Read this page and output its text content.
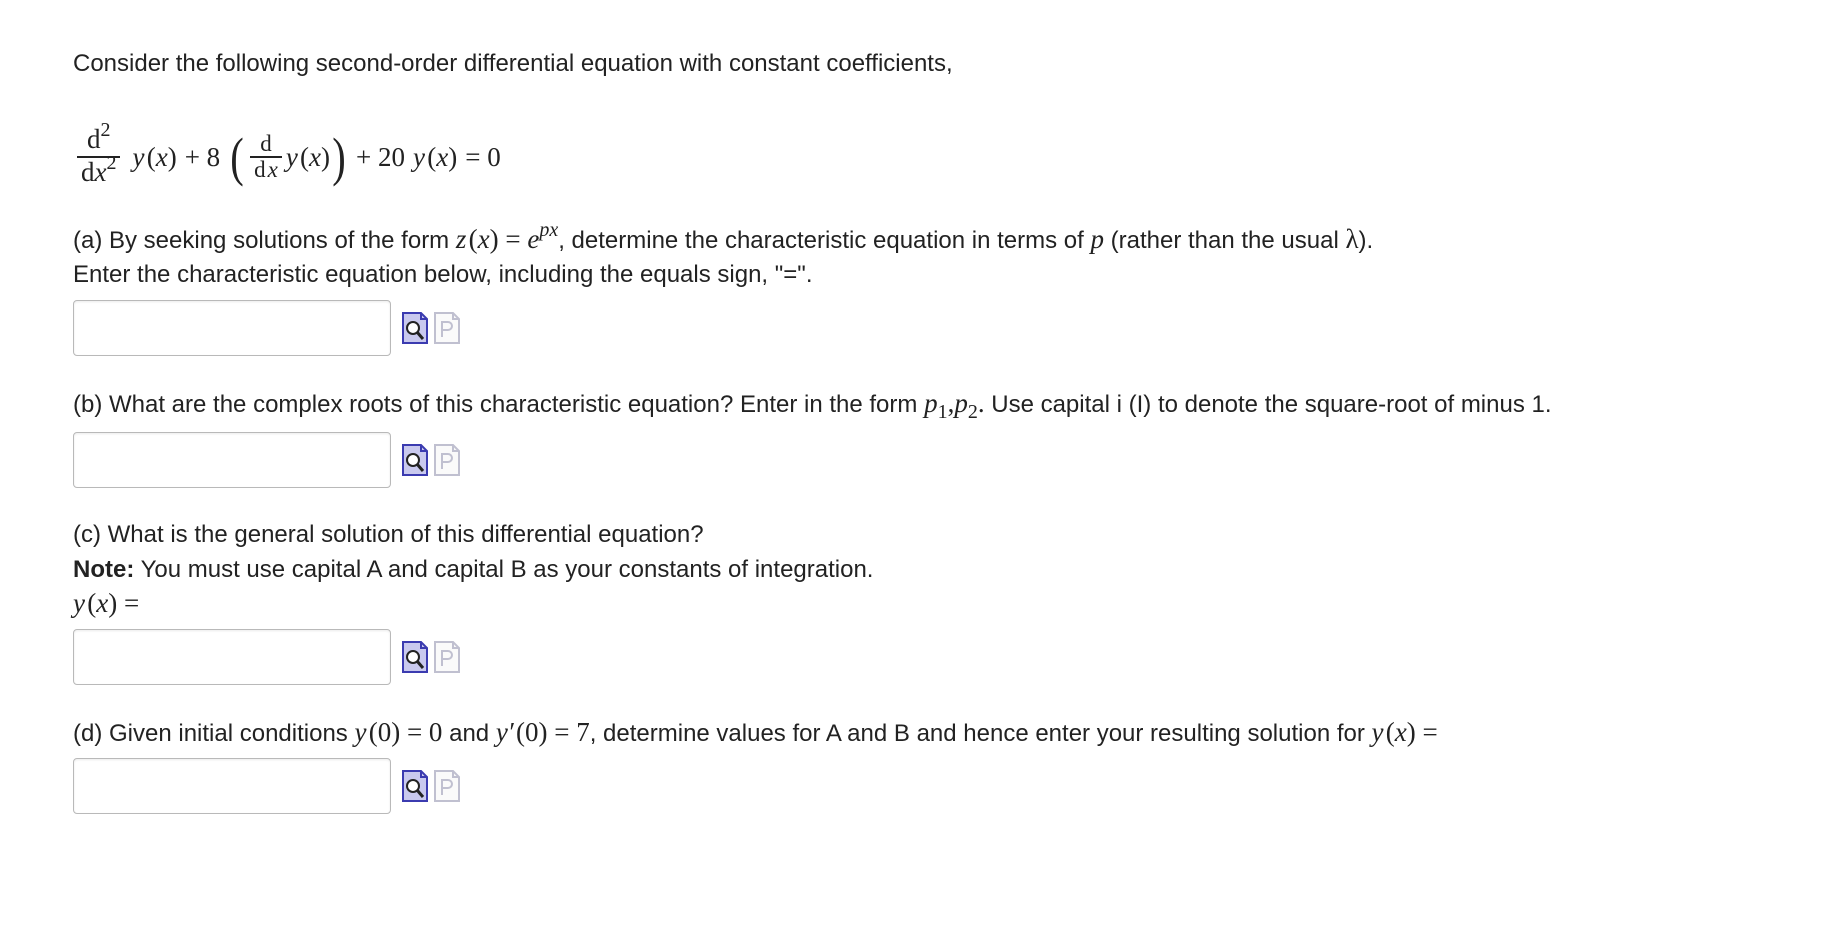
Consider the following second-order differential equation with constant coefficients,
$\frac{d^2}{dx^2}$ y (x) + 8 ( $\frac{d}{\text{d x}}$ y (x) ) + 20 y (x) = 0
(a) By seeking solutions of the form z $(x) = e^{px}$, determine the characteristic equation in terms of p (rather than the usual λ).
Enter the characteristic equation below, including the equals sign, "=".
(b) What are the complex roots of this characteristic equation? Enter in the form $p_1,p_2$. Use capital i (I) to denote the square-root of minus 1.
(c) What is the general solution of this differential equation?
Note: You must use capital A and capital B as your constants of integration.
y (x) =
(d) Given initial conditions y (0) = 0 and y′ (0) = 7, determine values for A and B and hence enter your resulting solution for y (x) =
